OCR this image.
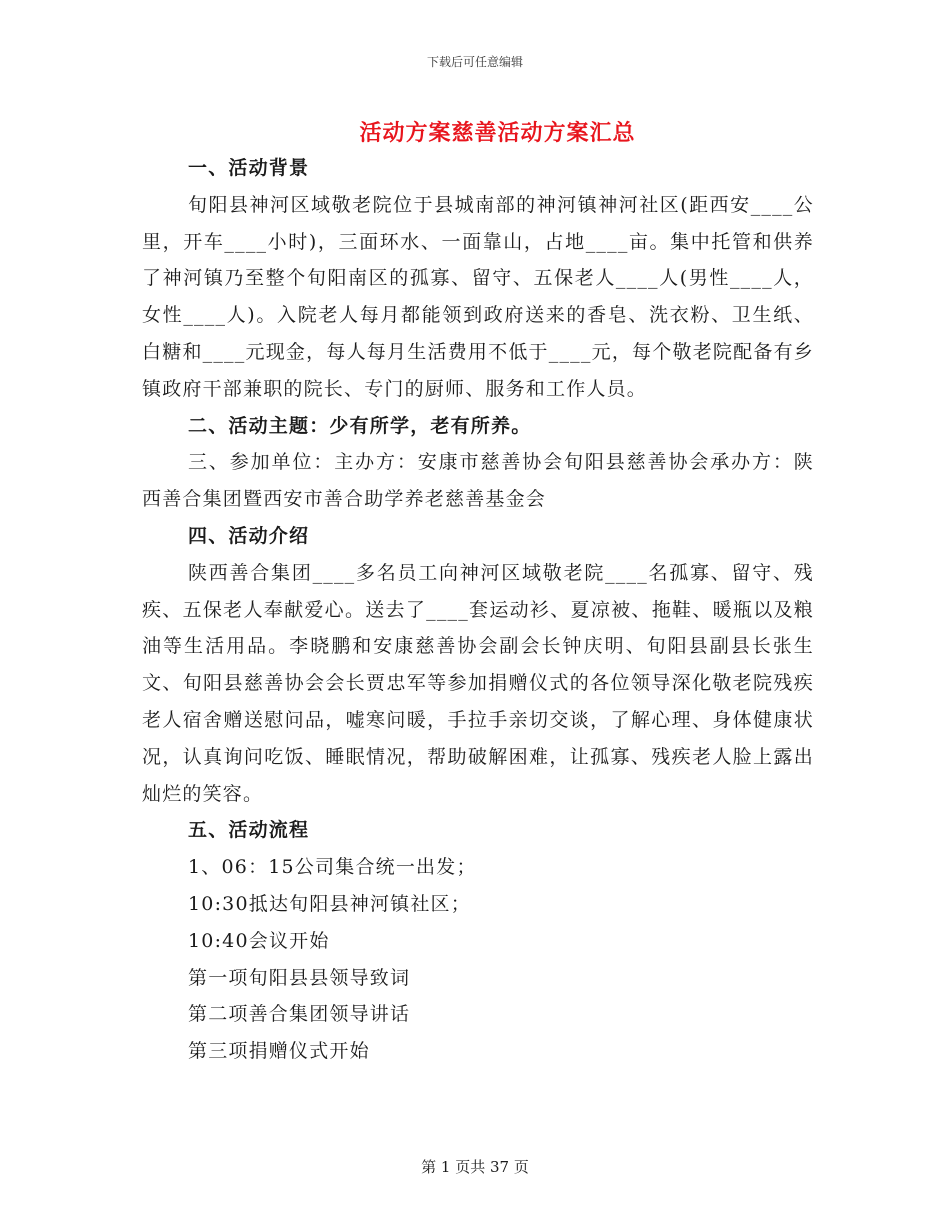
下载后可任意编辑
活动方案慈善活动方案汇总

一、活动背景

旬阳县神河区域敬老院位于县城南部的神河镇神河社区(距西安____公里，开车____小时)，三面环水、一面靠山，占地____亩。集中托管和供养了神河镇乃至整个旬阳南区的孤寡、留守、五保老人____人(男性____人，女性____人)。入院老人每月都能领到政府送来的香皂、洗衣粉、卫生纸、白糖和____元现金，每人每月生活费用不低于____元，每个敬老院配备有乡镇政府干部兼职的院长、专门的厨师、服务和工作人员。

二、活动主题：少有所学，老有所养。

三、参加单位：主办方：安康市慈善协会旬阳县慈善协会承办方：陕西善合集团暨西安市善合助学养老慈善基金会

四、活动介绍

陕西善合集团____多名员工向神河区域敬老院____名孤寡、留守、残疾、五保老人奉献爱心。送去了____套运动衫、夏凉被、拖鞋、暖瓶以及粮油等生活用品。李晓鹏和安康慈善协会副会长钟庆明、旬阳县副县长张生文、旬阳县慈善协会会长贾忠军等参加捐赠仪式的各位领导深化敬老院残疾老人宿舍赠送慰问品，嘘寒问暖，手拉手亲切交谈，了解心理、身体健康状况，认真询问吃饭、睡眠情况，帮助破解困难，让孤寡、残疾老人脸上露出灿烂的笑容。

五、活动流程

1、06：15公司集合统一出发；

10:30抵达旬阳县神河镇社区；

10:40会议开始

第一项旬阳县县领导致词

第二项善合集团领导讲话

第三项捐赠仪式开始

第 1 页共 37 页
